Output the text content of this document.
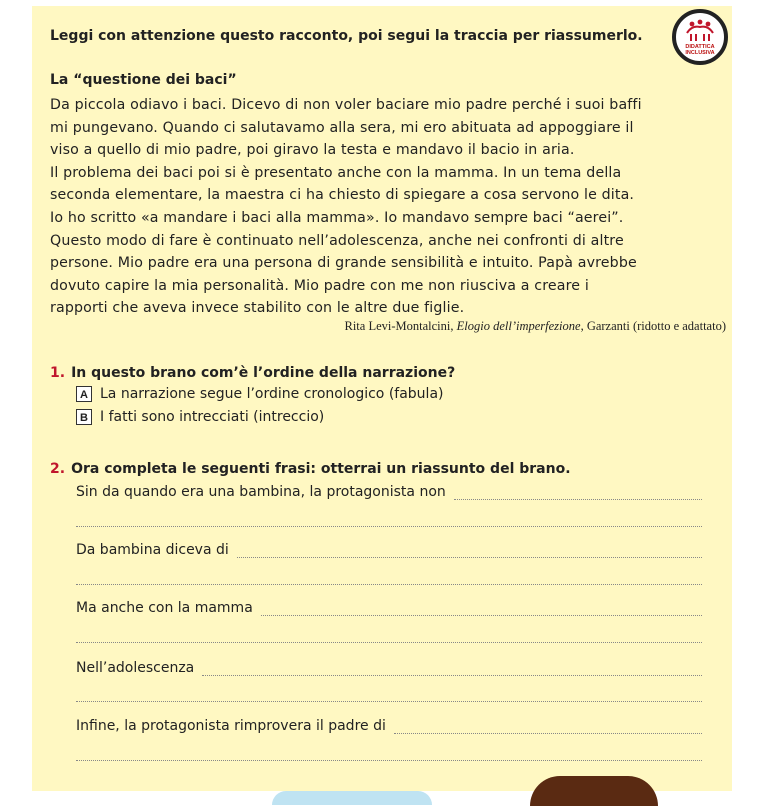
Leggi con attenzione questo racconto, poi segui la traccia per riassumerlo.
DIDATTICA INCLUSIVA
La “questione dei baci”

Da piccola odiavo i baci. Dicevo di non voler baciare mio padre perché i suoi baffi

mi pungevano. Quando ci salutavamo alla sera, mi ero abituata ad appoggiare il

viso a quello di mio padre, poi giravo la testa e mandavo il bacio in aria.

Il problema dei baci poi si è presentato anche con la mamma. In un tema della

seconda elementare, la maestra ci ha chiesto di spiegare a cosa servono le dita.

Io ho scritto «a mandare i baci alla mamma». Io mandavo sempre baci “aerei”.

Questo modo di fare è continuato nell’adolescenza, anche nei confronti di altre

persone. Mio padre era una persona di grande sensibilità e intuito. Papà avrebbe

dovuto capire la mia personalità. Mio padre con me non riusciva a creare i

rapporti che aveva invece stabilito con le altre due figlie.

Rita Levi-Montalcini, Elogio dell’imperfezione, Garzanti (ridotto e adattato)
1. In questo brano com’è l’ordine della narrazione?
A La narrazione segue l’ordine cronologico (fabula)
B I fatti sono intrecciati (intreccio)
2. Ora completa le seguenti frasi: otterrai un riassunto del brano.
Sin da quando era una bambina, la protagonista non
Da bambina diceva di
Ma anche con la mamma
Nell’adolescenza
Infine, la protagonista rimprovera il padre di
